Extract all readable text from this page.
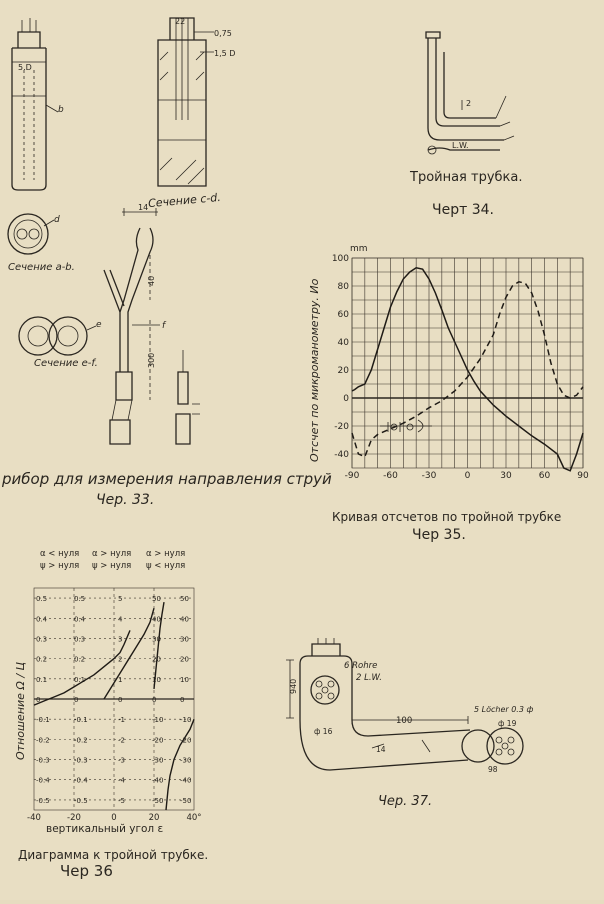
5.D
b
22
0,75
1,5 D
d
e
14
40
300
f
2
L.W.
mm
Отсчет по микроманометру. Ио
-90	-60	-30	0	30	60	90
100
80
60
40
20
0
-20
-40
α < нуля
ψ > нуля
α > нуля
ψ > нуля
α > нуля
ψ < нуля
0.5
0.4
0.3
0.2
0.1
0
-0.1
-0.2
-0.3
-0.4
-0.5
0.5
0.4
0.3
0.2
0.1
0
-0.1
-0.2
-0.3
-0.4
-0.5
5
4
3
2
1
0
-1
-2
-3
-4
-5
50
40
30
20
10
0
-10
-20
-30
-40
-50
50
40
30
20
10
0
-10
-20
-30
-40
-50
-40	-20	0	20	40°
Отношение Ω / Ц
вертикальный угол ε
940
6 Rohre
2 L.W.
100
5 Löcher 0.3 ф
ф 19
ф 16
98
14
Сечение с-d.
Сечение а-b.
Сечение e-f.
рибор для измерения направления струй
Чер. 33.
Тройная трубка.
Черт 34.
Кривая отсчетов по тройной трубке
Чер 35.
Диаграмма к тройной трубке.
Чер 36
Чер. 37.
